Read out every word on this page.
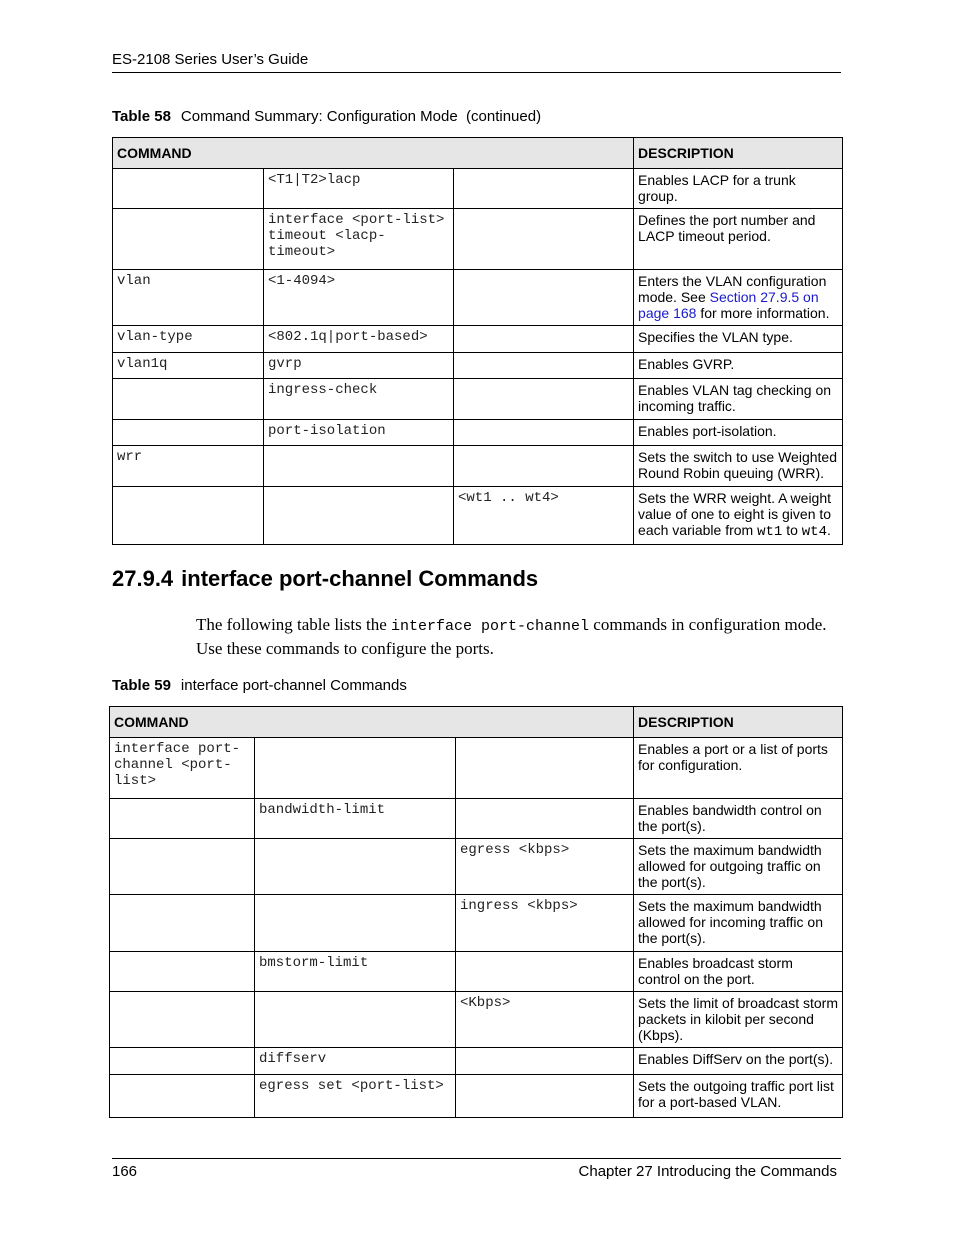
ES-2108 Series User’s Guide
Table 58 Command Summary: Configuration Mode  (continued)
COMMAND			DESCRIPTION
	<T1|T2>lacp		Enables LACP for a trunk group.
	interface <port-list> timeout <lacp-timeout>		Defines the port number and LACP timeout period.
vlan	<1-4094>		Enters the VLAN configuration mode. See Section 27.9.5 on page 168 for more information.
vlan-type	<802.1q|port-based>		Specifies the VLAN type.
vlan1q	gvrp		Enables GVRP.
	ingress-check		Enables VLAN tag checking on incoming traffic.
	port-isolation		Enables port-isolation.
wrr			Sets the switch to use Weighted Round Robin queuing (WRR).
		<wt1 .. wt4>	Sets the WRR weight. A weight value of one to eight is given to each variable from wt1 to wt4.
27.9.4 interface port-channel Commands
The following table lists the interface port-channel commands in configuration mode. Use these commands to configure the ports.
Table 59 interface port-channel Commands
COMMAND			DESCRIPTION
interface port-channel <port-list>			Enables a port or a list of ports for configuration.
	bandwidth-limit		Enables bandwidth control on the port(s).
		egress <kbps>	Sets the maximum bandwidth allowed for outgoing traffic on the port(s).
		ingress <kbps>	Sets the maximum bandwidth allowed for incoming traffic on the port(s).
	bmstorm-limit		Enables broadcast storm control on the port.
		<Kbps>	Sets the limit of broadcast storm packets in kilobit per second (Kbps).
	diffserv		Enables DiffServ on the port(s).
	egress set <port-list>		Sets the outgoing traffic port list for a port-based VLAN.
166	Chapter 27 Introducing the Commands
